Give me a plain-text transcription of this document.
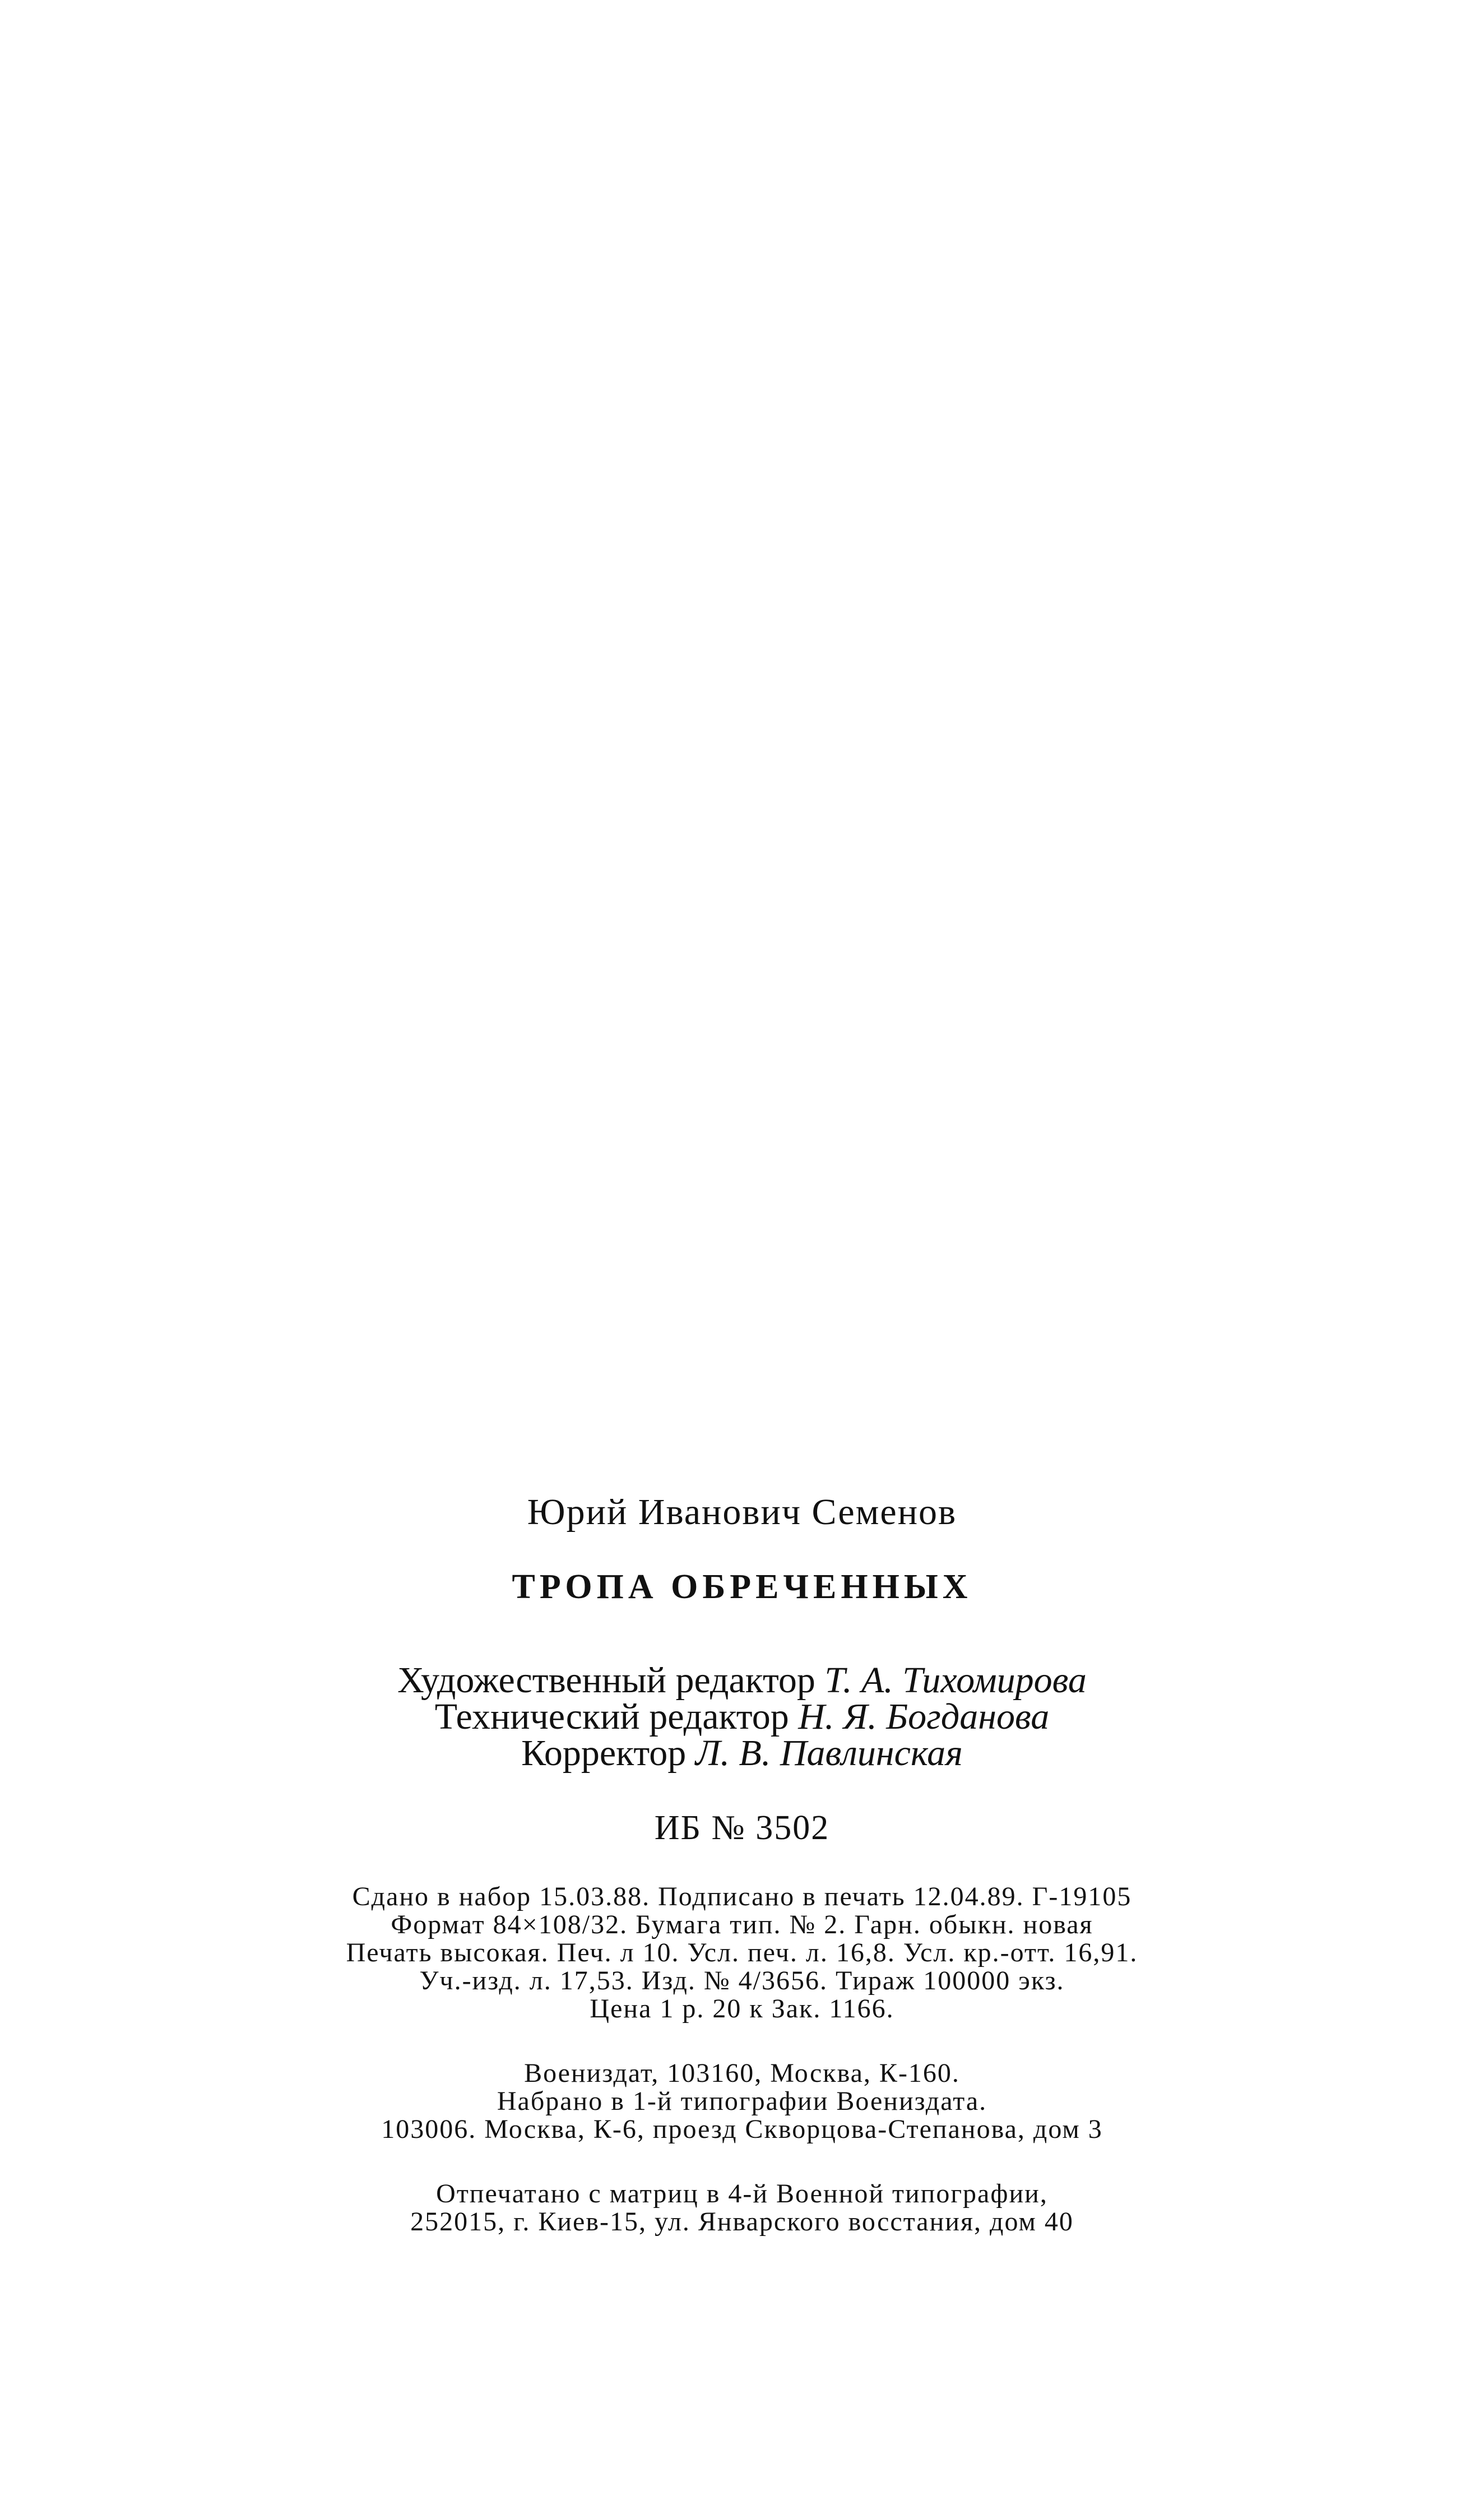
Юрий Иванович Семенов
ТРОПА ОБРЕЧЕННЫХ
Художественный редактор Т. А. Тихомирова
Технический редактор Н. Я. Богданова
Корректор Л. В. Павлинская
ИБ № 3502
Сдано в набор 15.03.88. Подписано в печать 12.04.89. Г-19105
Формат 84×108/32. Бумага тип. № 2. Гарн. обыкн. новая
Печать высокая. Печ. л 10. Усл. печ. л. 16,8. Усл. кр.-отт. 16,91.
Уч.-изд. л. 17,53. Изд. № 4/3656. Тираж 100000 экз.
Цена 1 р. 20 к Зак. 1166.
Воениздат, 103160, Москва, К-160.
Набрано в 1-й типографии Воениздата.
103006. Москва, К-6, проезд Скворцова-Степанова, дом 3
Отпечатано с матриц в 4-й Военной типографии,
252015, г. Киев-15, ул. Январского восстания, дом 40
